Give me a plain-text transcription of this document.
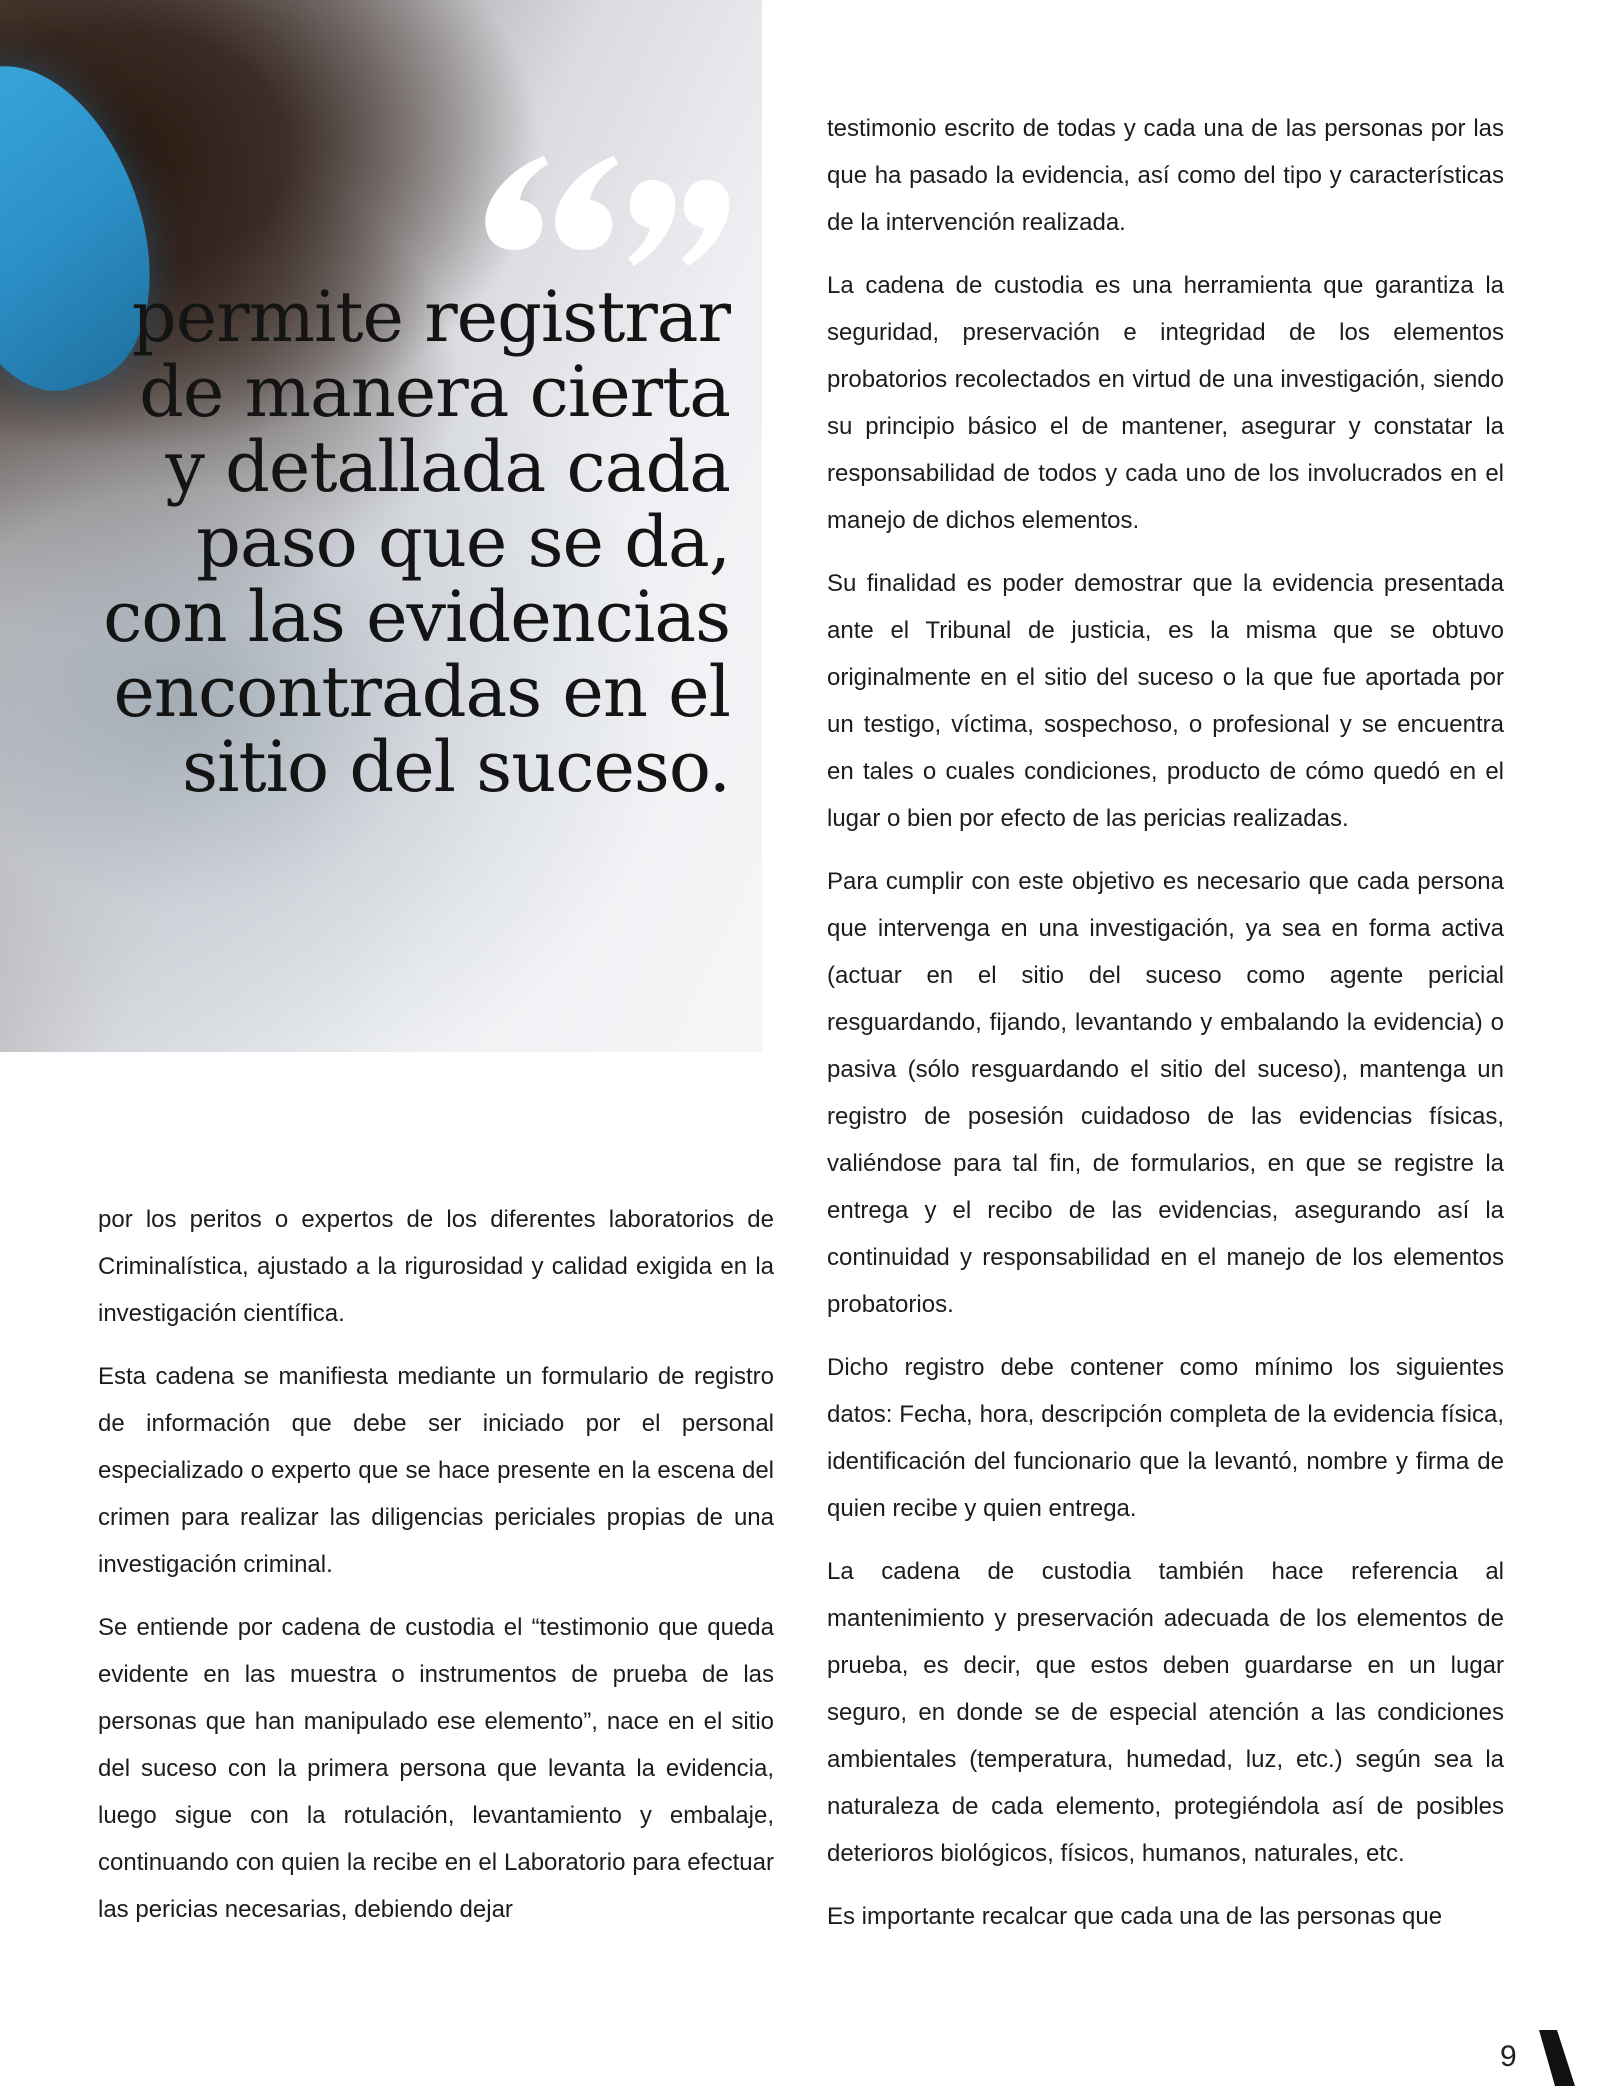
permite registrar de manera cierta y detallada cada paso que se da, con las evidencias encontradas en el sitio del suceso.

por los peritos o expertos de los diferentes laboratorios de Criminalística, ajustado a la rigurosidad y calidad exigida en la investigación científica.

Esta cadena se manifiesta mediante un formulario de registro de información que debe ser iniciado por el personal especializado o experto que se hace presente en la escena del crimen para realizar las diligencias periciales propias de una investigación criminal.

Se entiende por cadena de custodia el “testimonio que queda evidente en las muestra o instrumentos de prueba de las personas que han manipulado ese elemento”, nace en el sitio del suceso con la primera persona que levanta la evidencia, luego sigue con la rotulación, levantamiento y embalaje, continuando con quien la recibe en el Laboratorio para efectuar las pericias necesarias, debiendo dejar

testimonio escrito de todas y cada una de las personas por las que ha pasado la evidencia, así como del tipo y características de la intervención realizada.

La cadena de custodia es una herramienta que garantiza la seguridad, preservación e integridad de los elementos probatorios recolectados en virtud de una investigación, siendo su principio básico el de mantener, asegurar y constatar la responsabilidad de todos y cada uno de los involucrados en el manejo de dichos elementos.

Su finalidad es poder demostrar que la evidencia presentada ante el Tribunal de justicia, es la misma que se obtuvo originalmente en el sitio del suceso o la que fue aportada por un testigo, víctima, sospechoso, o profesional y se encuentra en tales o cuales condiciones, producto de cómo quedó en el lugar o bien por efecto de las pericias realizadas.

Para cumplir con este objetivo es necesario que cada persona que intervenga en una investigación, ya sea en forma activa (actuar en el sitio del suceso como agente pericial resguardando, fijando, levantando y embalando la evidencia) o pasiva (sólo resguardando el sitio del suceso), mantenga un registro de posesión cuidadoso de las evidencias físicas, valiéndose para tal fin, de formularios, en que se registre la entrega y el recibo de las evidencias, asegurando así la continuidad y responsabilidad en el manejo de los elementos probatorios.

Dicho registro debe contener como mínimo los siguientes datos: Fecha, hora, descripción completa de la evidencia física, identificación del funcionario que la levantó, nombre y firma de quien recibe y quien entrega.

La cadena de custodia también hace referencia al mantenimiento y preservación adecuada de los elementos de prueba, es decir, que estos deben guardarse en un lugar seguro, en donde se de especial atención a las condiciones ambientales (temperatura, humedad, luz, etc.) según sea la naturaleza de cada elemento, protegiéndola así de posibles deterioros biológicos, físicos, humanos, naturales, etc.

Es importante recalcar que cada una de las personas que

9
